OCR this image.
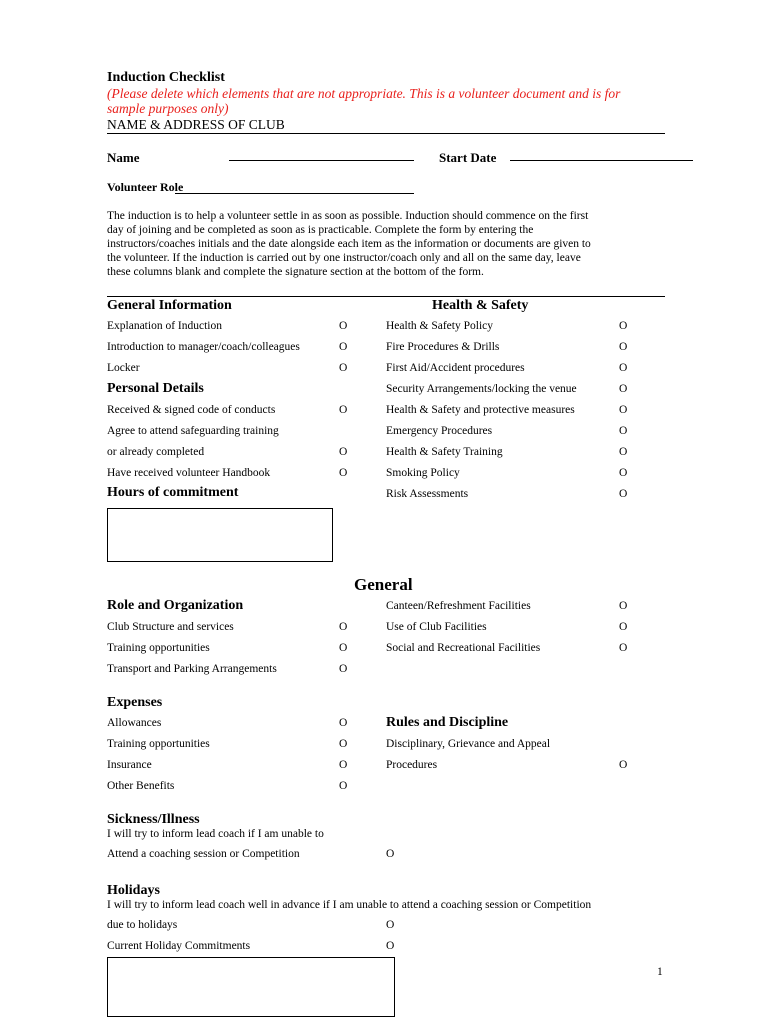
Induction Checklist
(Please delete which elements that are not appropriate. This is a volunteer document and is for
sample purposes only)
NAME & ADDRESS OF CLUB
Name	Start Date
Volunteer Role
The induction is to help a volunteer settle in as soon as possible. Induction should commence on the first
day of joining and be completed as soon as is practicable. Complete the form by entering the
instructors/coaches initials and the date alongside each item as the information or documents are given to
the volunteer. If the induction is carried out by one instructor/coach only and all on the same day, leave
these columns blank and complete the signature section at the bottom of the form.
General Information
Explanation of Induction	O
Introduction to manager/coach/colleagues	O
Locker	O
Personal Details
Received & signed code of conducts	O
Agree to attend safeguarding training
or already completed	O
Have received volunteer Handbook	O
Hours of commitment
Health & Safety
Health & Safety Policy	O
Fire Procedures & Drills	O
First Aid/Accident procedures	O
Security Arrangements/locking the venue	O
Health & Safety and protective measures	O
Emergency Procedures	O
Health & Safety Training	O
Smoking Policy	O
Risk Assessments	O
General
Role and Organization
Club Structure and services	O
Training opportunities	O
Transport and Parking Arrangements	O
Canteen/Refreshment Facilities	O
Use of Club Facilities	O
Social and Recreational Facilities	O
Expenses
Allowances	O
Training opportunities	O
Insurance	O
Other Benefits	O
Rules and Discipline
Disciplinary, Grievance and Appeal
Procedures	O
Sickness/Illness
I will try to inform lead coach if I am unable to
Attend a coaching session or Competition	O
Holidays
I will try to inform lead coach well in advance if I am unable to attend a coaching session or Competition
due to holidays	O
Current Holiday Commitments	O
1
